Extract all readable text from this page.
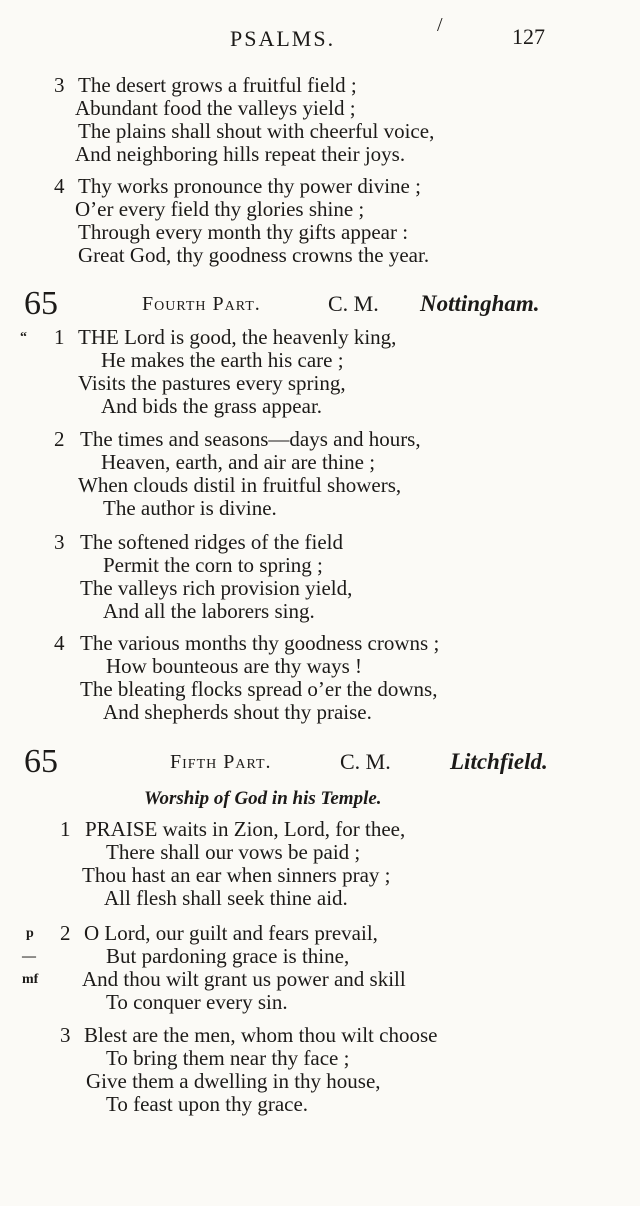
PSALMS.
/	127
3 The desert grows a fruitful field ;
Abundant food the valleys yield ;
The plains shall shout with cheerful voice,
And neighboring hills repeat their joys.
4 Thy works pronounce thy power divine ;
O’er every field thy glories shine ;
Through every month thy gifts appear :
Great God, thy goodness crowns the year.
65	Fourth Part.	C. M. Nottingham.
“ 1 THE Lord is good, the heavenly king,
He makes the earth his care ;
Visits the pastures every spring,
And bids the grass appear.
2 The times and seasons—days and hours,
Heaven, earth, and air are thine ;
When clouds distil in fruitful showers,
The author is divine.
3 The softened ridges of the field
Permit the corn to spring ;
The valleys rich provision yield,
And all the laborers sing.
4 The various months thy goodness crowns ;
How bounteous are thy ways !
The bleating flocks spread o’er the downs,
And shepherds shout thy praise.
65	Fifth Part.	C. M.	Litchfield.
Worship of God in his Temple.
1 PRAISE waits in Zion, Lord, for thee,
There shall our vows be paid ;
Thou hast an ear when sinners pray ;
All flesh shall seek thine aid.
p
—
mf
2 O Lord, our guilt and fears prevail,
But pardoning grace is thine,
And thou wilt grant us power and skill
To conquer every sin.
3 Blest are the men, whom thou wilt choose
To bring them near thy face ;
Give them a dwelling in thy house,
To feast upon thy grace.
